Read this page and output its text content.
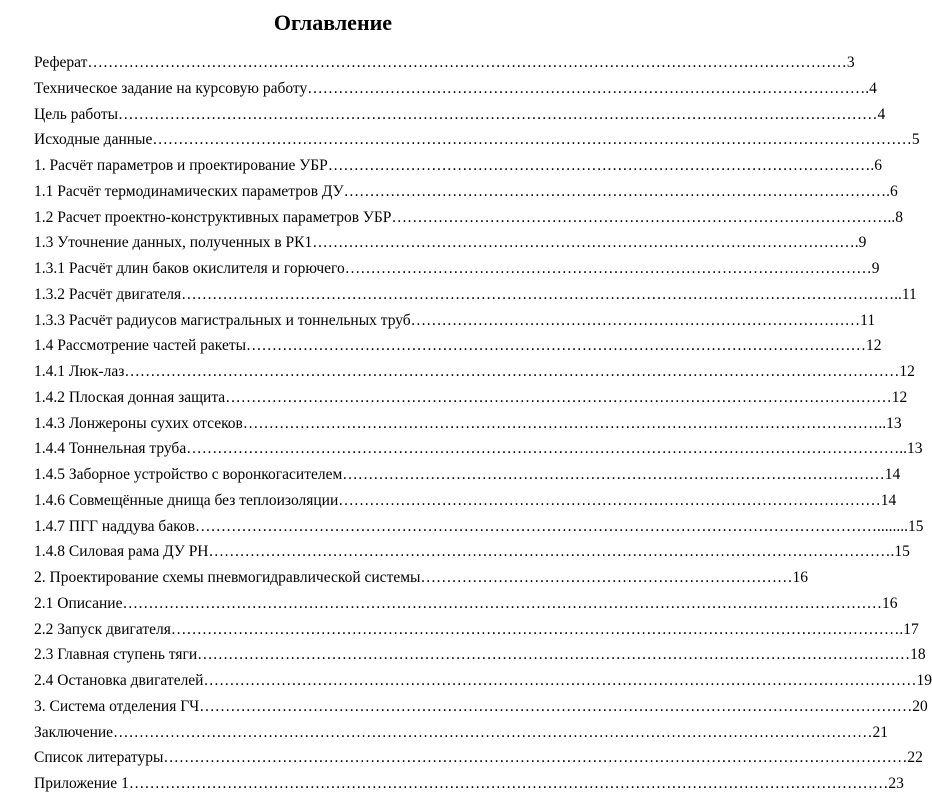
Оглавление
Реферат ………………………………………………………………………………………………………………………………… 3
Техническое задание на курсовую работу ………………………………………………………………………………………………. 4
Цель работы ………………………………………………………………………………………………………………………………… 4
Исходные данные ………………………………………………………………………………………………………………………………… 5
1. Расчёт параметров и проектирование УБР ……………………………………………………………………………………………. 6
1.1 Расчёт термодинамических параметров ДУ ……………………………………………………………………………………………. 6
1.2 Расчет проектно-конструктивных параметров УБР …………………………………………………………………………………….. 8
1.3 Уточнение данных, полученных в РК1 ……………………………………………………………………………………………. 9
1.3.1 Расчёт длин баков окислителя и горючего ………………………………………………………………………………………… 9
1.3.2 Расчёт двигателя ………………………………………………………………………………………………………………………….. 11
1.3.3 Расчёт радиусов магистральных и тоннельных труб …………………………………………………………………………… 11
1.4 Рассмотрение частей ракеты ………………………………………………………………………………………………………… 12
1.4.1 Люк-лаз …………………………………………………………………………………………………………………………………… 12
1.4.2 Плоская донная защита ………………………………………………………………………………………………………………… 12
1.4.3 Лонжероны сухих отсеков …………………………………………………………………………………………………………….. 13
1.4.4 Тоннельная труба ………………………………………………………………………………………………………………………….. 13
1.4.5 Заборное устройство с воронкогасителем …………………………………………………………………………………………… 14
1.4.6 Совмещённые днища без теплоизоляции …………………………………………………………………………………………… 14
1.4.7 ПГГ наддува баков ……………………………………………………………………………………………………………………........ 15
1.4.8 Силовая рама ДУ РН ……………………………………………………………………………………………………………………. 15
2. Проектирование схемы пневмогидравлической системы ……………………………………………………………… 16
2.1 Описание ………………………………………………………………………………………………………………………………… 16
2.2 Запуск двигателя ……………………………………………………………………………………………………………………………. 17
2.3 Главная ступень тяги ………………………………………………………………………………………………………………………… 18
2.4 Остановка двигателей ………………………………………………………………………………………………………………………… 19
3. Система отделения ГЧ ………………………………………………………………………………………………………………………… 20
Заключение ………………………………………………………………………………………………………………………………… 21
Список литературы ……………………………………………………………………………………………………………………………… 22
Приложение 1 ………………………………………………………………………………………………………………………………… 23
